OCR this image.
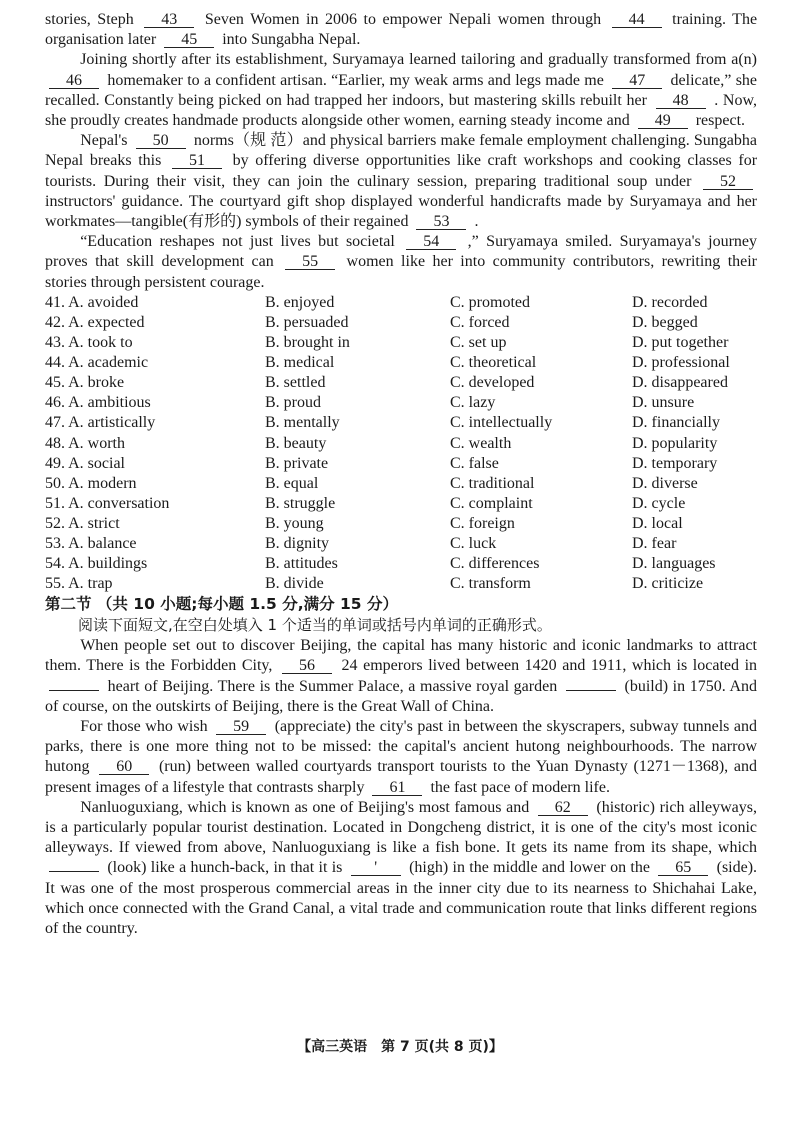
stories, Steph 43 Seven Women in 2006 to empower Nepali women through 44 training. The organisation later 45 into Sungabha Nepal.

Joining shortly after its establishment, Suryamaya learned tailoring and gradually transformed from a(n) 46 homemaker to a confident artisan. “Earlier, my weak arms and legs made me 47 delicate,” she recalled. Constantly being picked on had trapped her indoors, but mastering skills rebuilt her 48 . Now, she proudly creates handmade products alongside other women, earning steady income and 49 respect.

Nepal's 50 norms（规 范）and physical barriers make female employment challenging. Sungabha Nepal breaks this 51 by offering diverse opportunities like craft workshops and cooking classes for tourists. During their visit, they can join the culinary session, preparing traditional soup under 52 instructors' guidance. The courtyard gift shop displayed wonderful handicrafts made by Suryamaya and her workmates—tangible(有形的) symbols of their regained 53 .

“Education reshapes not just lives but societal 54 ,” Suryamaya smiled. Suryamaya's journey proves that skill development can 55 women like her into community contributors, rewriting their stories through persistent courage.

41. A. avoided	B. enjoyed	C. promoted	D. recorded
42. A. expected	B. persuaded	C. forced	D. begged
43. A. took to	B. brought in	C. set up	D. put together
44. A. academic	B. medical	C. theoretical	D. professional
45. A. broke	B. settled	C. developed	D. disappeared
46. A. ambitious	B. proud	C. lazy	D. unsure
47. A. artistically	B. mentally	C. intellectually	D. financially
48. A. worth	B. beauty	C. wealth	D. popularity
49. A. social	B. private	C. false	D. temporary
50. A. modern	B. equal	C. traditional	D. diverse
51. A. conversation	B. struggle	C. complaint	D. cycle
52. A. strict	B. young	C. foreign	D. local
53. A. balance	B. dignity	C. luck	D. fear
54. A. buildings	B. attitudes	C. differences	D. languages
55. A. trap	B. divide	C. transform	D. criticize
第二节 （共 10 小题;每小题 1.5 分,满分 15 分）
阅读下面短文,在空白处填入 1 个适当的单词或括号内单词的正确形式。

When people set out to discover Beijing, the capital has many historic and iconic landmarks to attract them. There is the Forbidden City, 56 24 emperors lived between 1420 and 1911, which is located in  heart of Beijing. There is the Summer Palace, a massive royal garden	(build) in 1750. And of course, on the outskirts of Beijing, there is the Great Wall of China.

For those who wish 59 (appreciate) the city's past in between the skyscrapers, subway tunnels and parks, there is one more thing not to be missed: the capital's ancient hutong neighbourhoods. The narrow hutong 60 (run) between walled courtyards transport tourists to the Yuan Dynasty (1271－1368), and present images of a lifestyle that contrasts sharply 61 the fast pace of modern life.

Nanluoguxiang, which is known as one of Beijing's most famous and 62 (historic) rich alleyways, is a particularly popular tourist destination. Located in Dongcheng district, it is one of the city's most iconic alleyways. If viewed from above, Nanluoguxiang is like a fish bone. It gets its name from its shape, which  (look) like a hunch-back, in that it is ' (high) in the middle and lower on the 65 (side). It was one of the most prosperous commercial areas in the inner city due to its nearness to Shichahai Lake, which once connected with the Grand Canal, a vital trade and communication route that links different regions of the country.

【高三英语　第 7 页(共 8 页)】
